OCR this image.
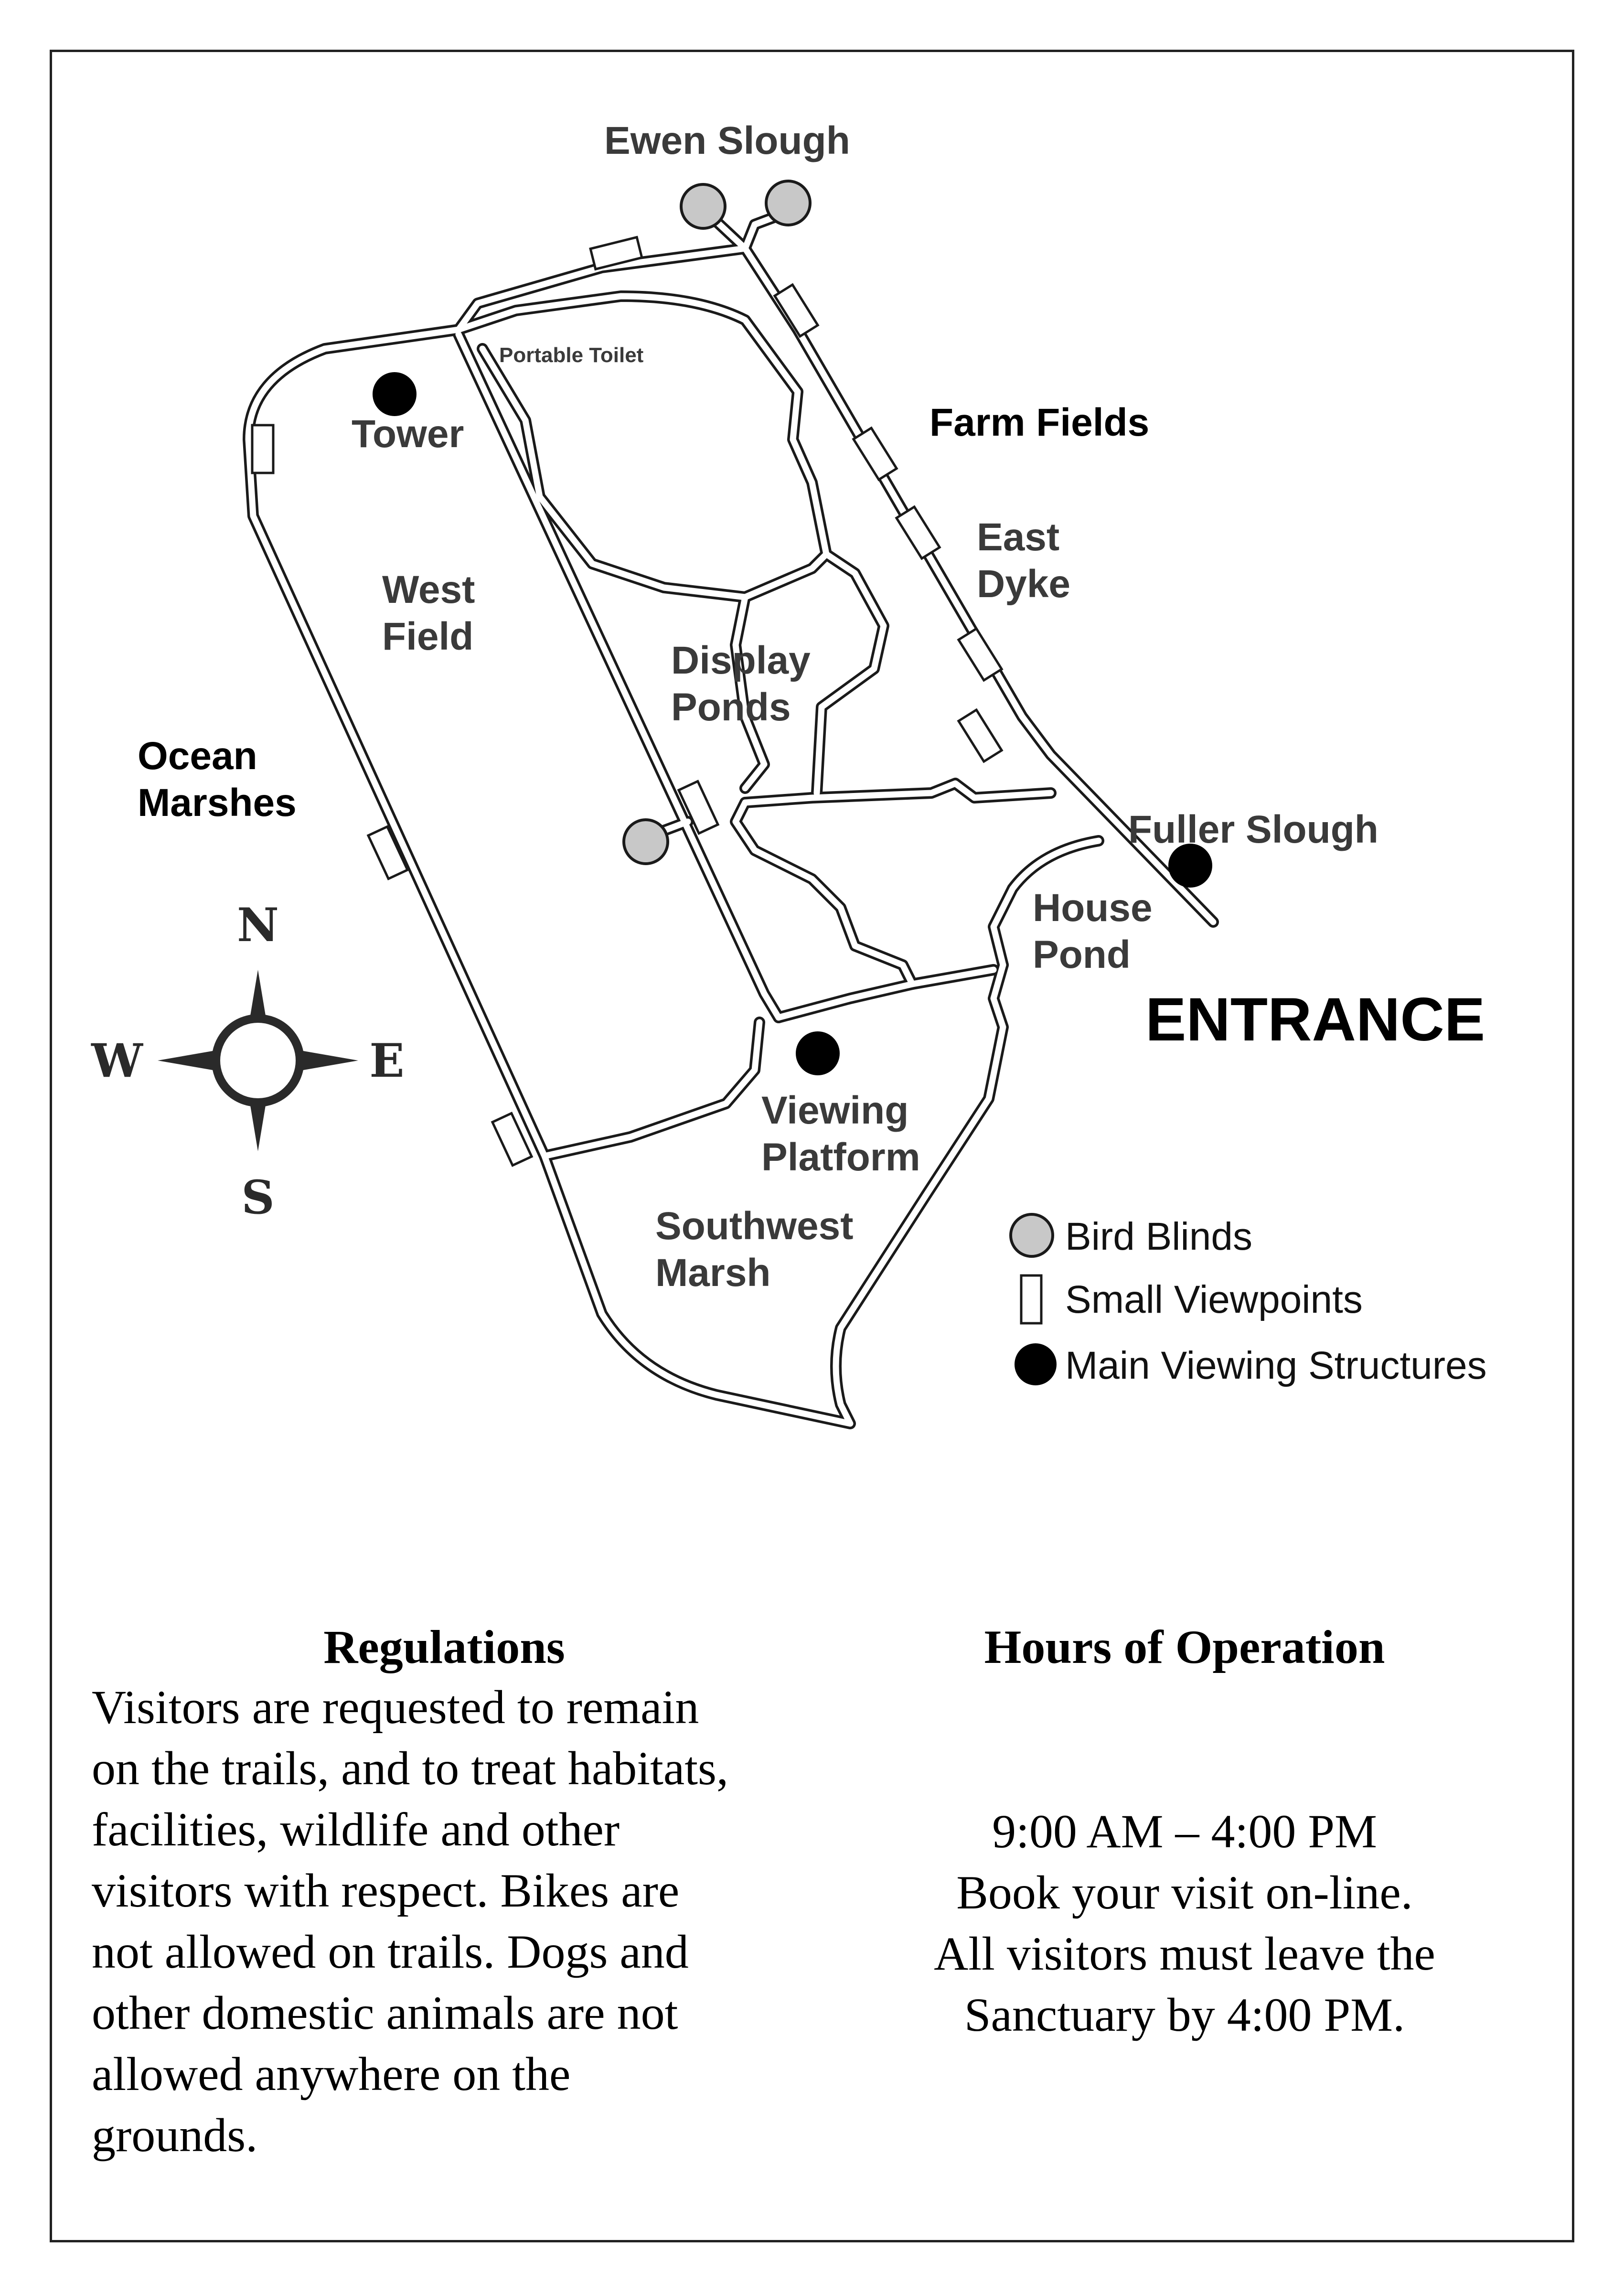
Ewen Slough
Portable Toilet
Tower	Farm Fields
East
Dyke
West
Field
Display
Ponds
Ocean
Marshes
Fuller Slough
House
Pond
ENTRANCE
Viewing
Platform
Southwest
Marsh
N
S
W	E
Bird Blinds
Small Viewpoints
Main Viewing Structures
Regulations
Visitors are requested to remain
on the trails, and to treat habitats,
facilities, wildlife and other
visitors with respect. Bikes are
not allowed on trails. Dogs and
other domestic animals are not
allowed anywhere on the
grounds.
Hours of Operation
9:00 AM – 4:00 PM
Book your visit on-line.
All visitors must leave the
Sanctuary by 4:00 PM.
